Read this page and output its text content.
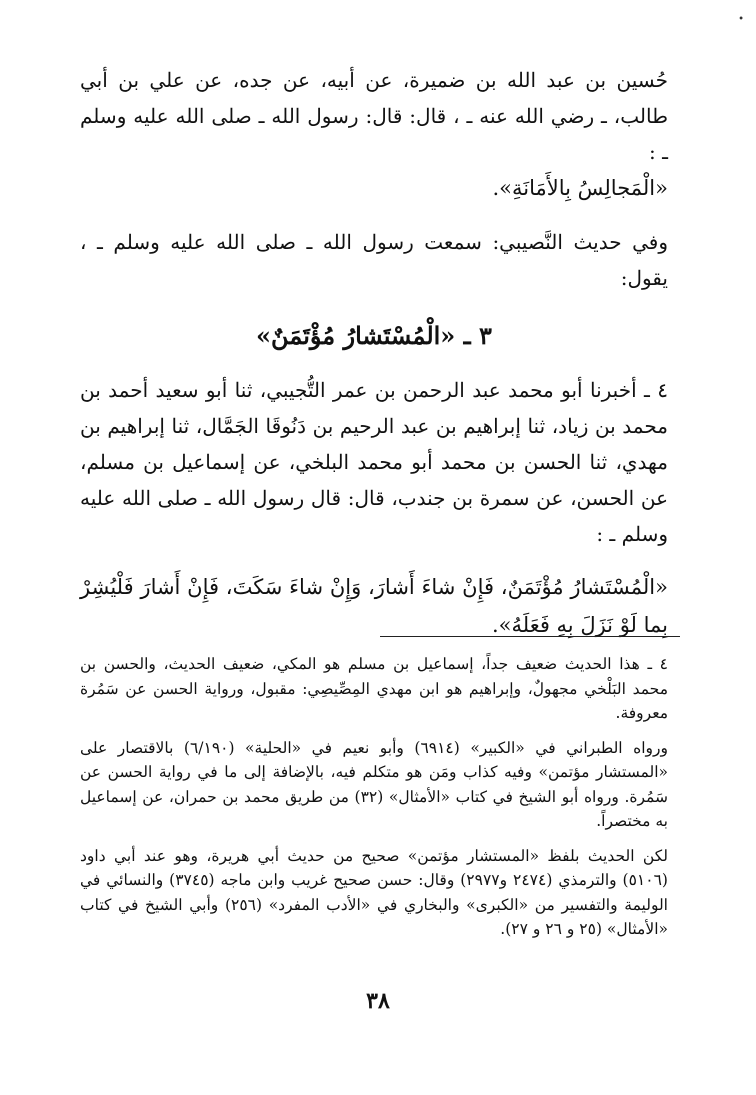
•

حُسين بن عبد الله بن ضميرة، عن أبيه، عن جده، عن علي بن أبي طالب، ـ رضي الله عنه ـ ، قال: قال: رسول الله ـ صلى الله عليه وسلم ـ :

«الْمَجالِسُ بِالأَمَانَةِ».

وفي حديث النَّصيبي: سمعت رسول الله ـ صلى الله عليه وسلم ـ ، يقول:

٣ ـ «الْمُسْتَشارُ مُؤْتَمَنٌ»

٤ ـ أخبرنا أبو محمد عبد الرحمن بن عمر التُّجيبي، ثنا أبو سعيد أحمد بن محمد بن زياد، ثنا إبراهيم بن عبد الرحيم بن دَنُوقَا الجَمَّال، ثنا إبراهيم بن مهدي، ثنا الحسن بن محمد أبو محمد البلخي، عن إسماعيل بن مسلم، عن الحسن، عن سمرة بن جندب، قال: قال رسول الله ـ صلى الله عليه وسلم ـ :

«الْمُسْتَشارُ مُؤْتَمَنٌ، فَإِنْ شاءَ أَشارَ، وَإِنْ شاءَ سَكَتَ، فَإِنْ أَشارَ فَلْيُشِرْ بِما لَوْ نَزَلَ بِهِ فَعَلَهُ».

٤ ـ هذا الحديث ضعيف جداً، إسماعيل بن مسلم هو المكي، ضعيف الحديث، والحسن بن محمد البَلْخي مجهولٌ، وإبراهيم هو ابن مهدي المِصِّيصِي: مقبول، ورواية الحسن عن سَمُرة معروفة.

ورواه الطبراني في «الكبير» (٦٩١٤) وأبو نعيم في «الحلية» (٦/١٩٠) بالاقتصار على «المستشار مؤتمن» وفيه كذاب ومَن هو متكلم فيه، بالإضافة إلى ما في رواية الحسن عن سَمُرة. ورواه أبو الشيخ في كتاب «الأمثال» (٣٢) من طريق محمد بن حمران، عن إسماعيل به مختصراً.

لكن الحديث بلفظ «المستشار مؤتمن» صحيح من حديث أبي هريرة، وهو عند أبي داود (٥١٠٦) والترمذي (٢٤٧٤ و٢٩٧٧) وقال: حسن صحيح غريب وابن ماجه (٣٧٤٥) والنسائي في الوليمة والتفسير من «الكبرى» والبخاري في «الأدب المفرد» (٢٥٦) وأبي الشيخ في كتاب «الأمثال» (٢٥ و ٢٦ و ٢٧).

٣٨
